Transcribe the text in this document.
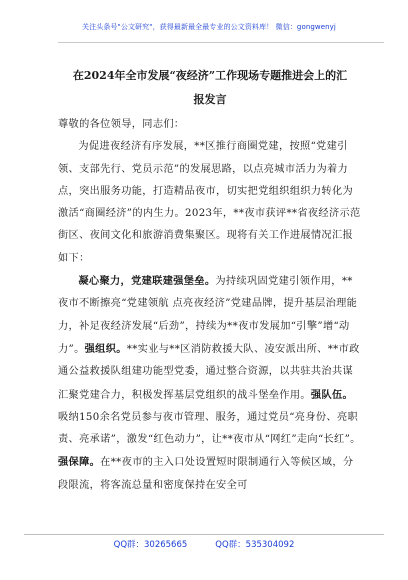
关注头条号"公文研究"，获得最新最全最专业的公文资料库！ 微信：gongwenyj
在2024年全市发展“夜经济”工作现场专题推进会上的汇
报发言

尊敬的各位领导，同志们：

为促进夜经济有序发展，**区推行商圈党建，按照“党建引领、支部先行、党员示范”的发展思路，以点亮城市活力为着力点，突出服务功能，打造精品夜市，切实把党组织组织力转化为激活“商圈经济”的内生力。2023年，**夜市获评**省夜经济示范街区、夜间文化和旅游消费集聚区。现将有关工作进展情况汇报如下：

凝心聚力，党建联建强堡垒。为持续巩固党建引领作用，**夜市不断擦亮“党建领航 点亮夜经济”党建品牌，提升基层治理能力，补足夜经济发展“后劲”，持续为**夜市发展加“引擎”增“动力”。强组织。**实业与**区消防救援大队、凌安派出所、**市政通公益救援队组建功能型党委，通过整合资源，以共驻共治共谋汇聚党建合力，积极发挥基层党组织的战斗堡垒作用。强队伍。吸纳150余名党员参与夜市管理、服务，通过党员“亮身份、亮职责、亮承诺”，激发“红色动力”，让**夜市从“网红”走向“长红”。强保障。在**夜市的主入口处设置短时限制通行入等候区域，分段限流，将客流总量和密度保持在安全可

QQ群：30265665	QQ群：535304092
